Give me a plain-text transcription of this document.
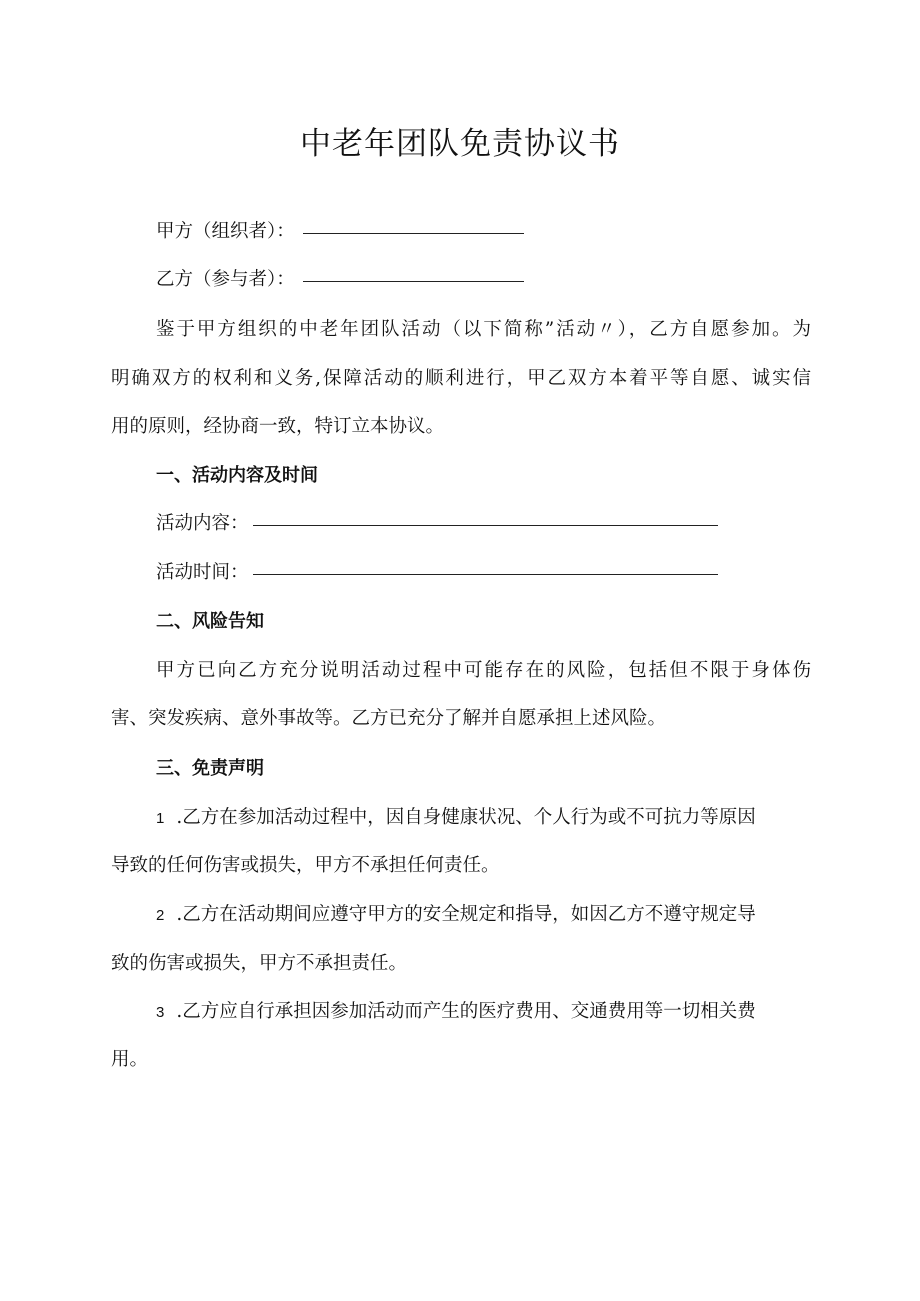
中老年团队免责协议书

甲方（组织者）：

乙方（参与者）：

鉴于甲方组织的中老年团队活动（以下简称”活动〃），乙方自愿参加。为

明确双方的权利和义务,保障活动的顺利进行，甲乙双方本着平等自愿、诚实信

用的原则，经协商一致，特订立本协议。

一、活动内容及时间

活动内容：

活动时间：

二、风险告知

甲方已向乙方充分说明活动过程中可能存在的风险，包括但不限于身体伤

害、突发疾病、意外事故等。乙方已充分了解并自愿承担上述风险。

三、免责声明

1 .乙方在参加活动过程中，因自身健康状况、个人行为或不可抗力等原因

导致的任何伤害或损失，甲方不承担任何责任。

2 .乙方在活动期间应遵守甲方的安全规定和指导，如因乙方不遵守规定导

致的伤害或损失，甲方不承担责任。

3 .乙方应自行承担因参加活动而产生的医疗费用、交通费用等一切相关费

用。
